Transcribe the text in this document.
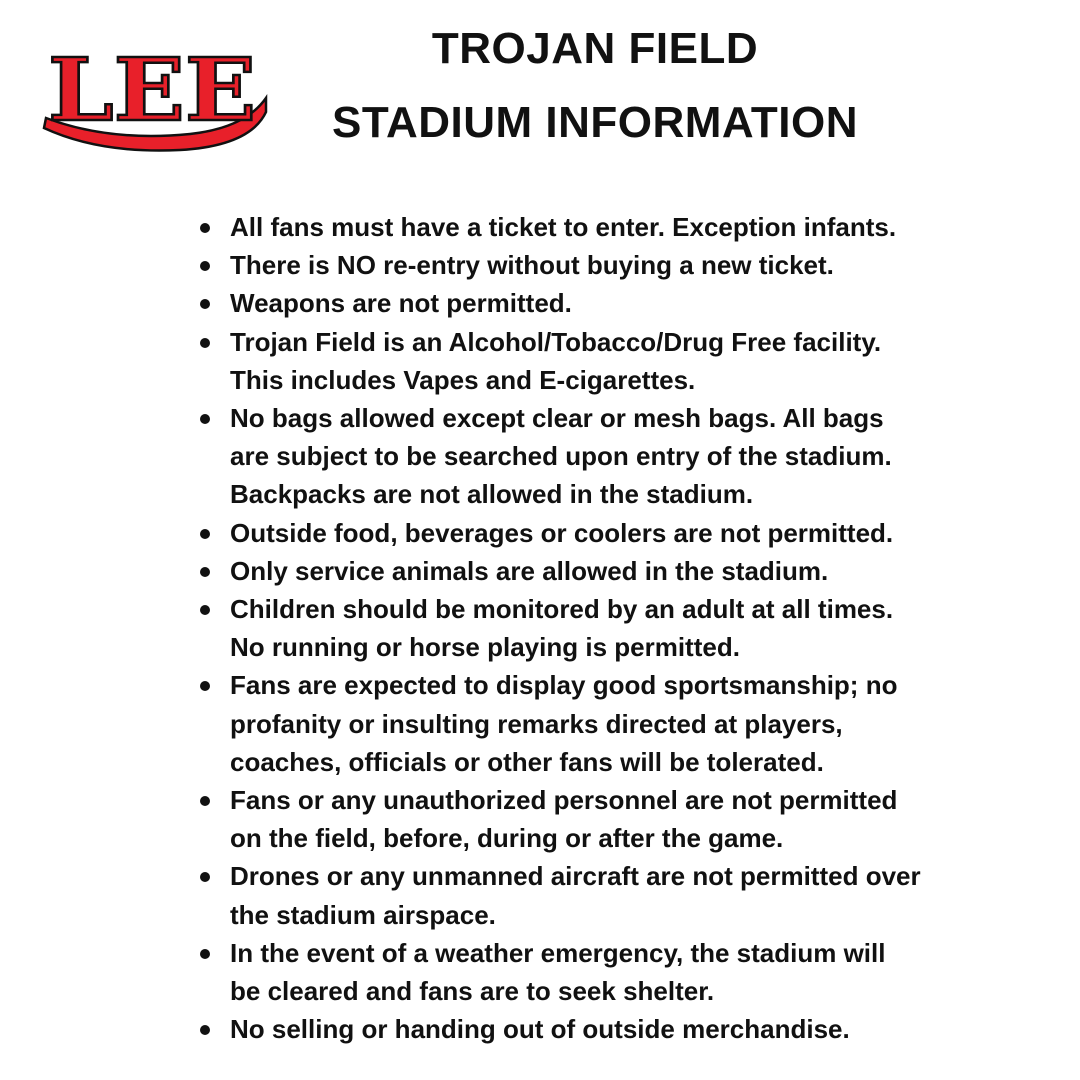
LEE	TROJAN FIELD
STADIUM INFORMATION
All fans must have a ticket to enter. Exception infants.
There is NO re-entry without buying a new ticket.
Weapons are not permitted.
Trojan Field is an Alcohol/Tobacco/Drug Free facility.
This includes Vapes and E-cigarettes.
No bags allowed except clear or mesh bags. All bags
are subject to be searched upon entry of the stadium.
Backpacks are not allowed in the stadium.
Outside food, beverages or coolers are not permitted.
Only service animals are allowed in the stadium.
Children should be monitored by an adult at all times.
No running or horse playing is permitted.
Fans are expected to display good sportsmanship; no
profanity or insulting remarks directed at players,
coaches, officials or other fans will be tolerated.
Fans or any unauthorized personnel are not permitted
on the field, before, during or after the game.
Drones or any unmanned aircraft are not permitted over
the stadium airspace.
In the event of a weather emergency, the stadium will
be cleared and fans are to seek shelter.
No selling or handing out of outside merchandise.
